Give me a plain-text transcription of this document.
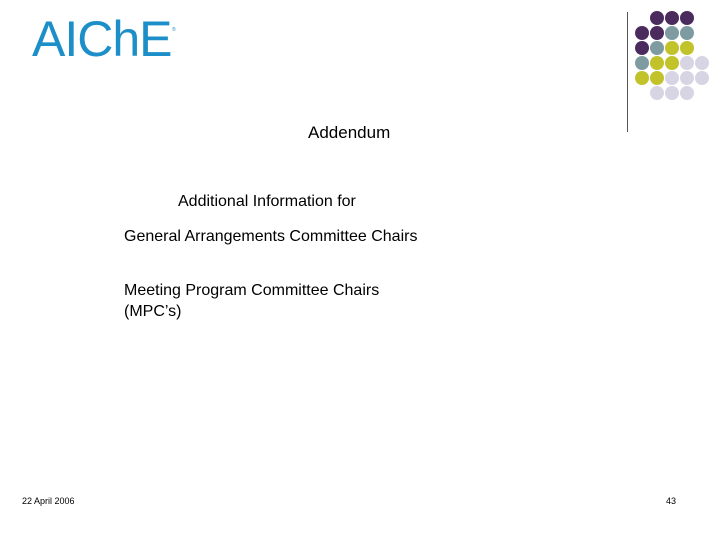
AIChE ®
Addendum
Additional Information for
General Arrangements Committee Chairs
Meeting Program Committee Chairs
(MPC’s)
22 April 2006	43
